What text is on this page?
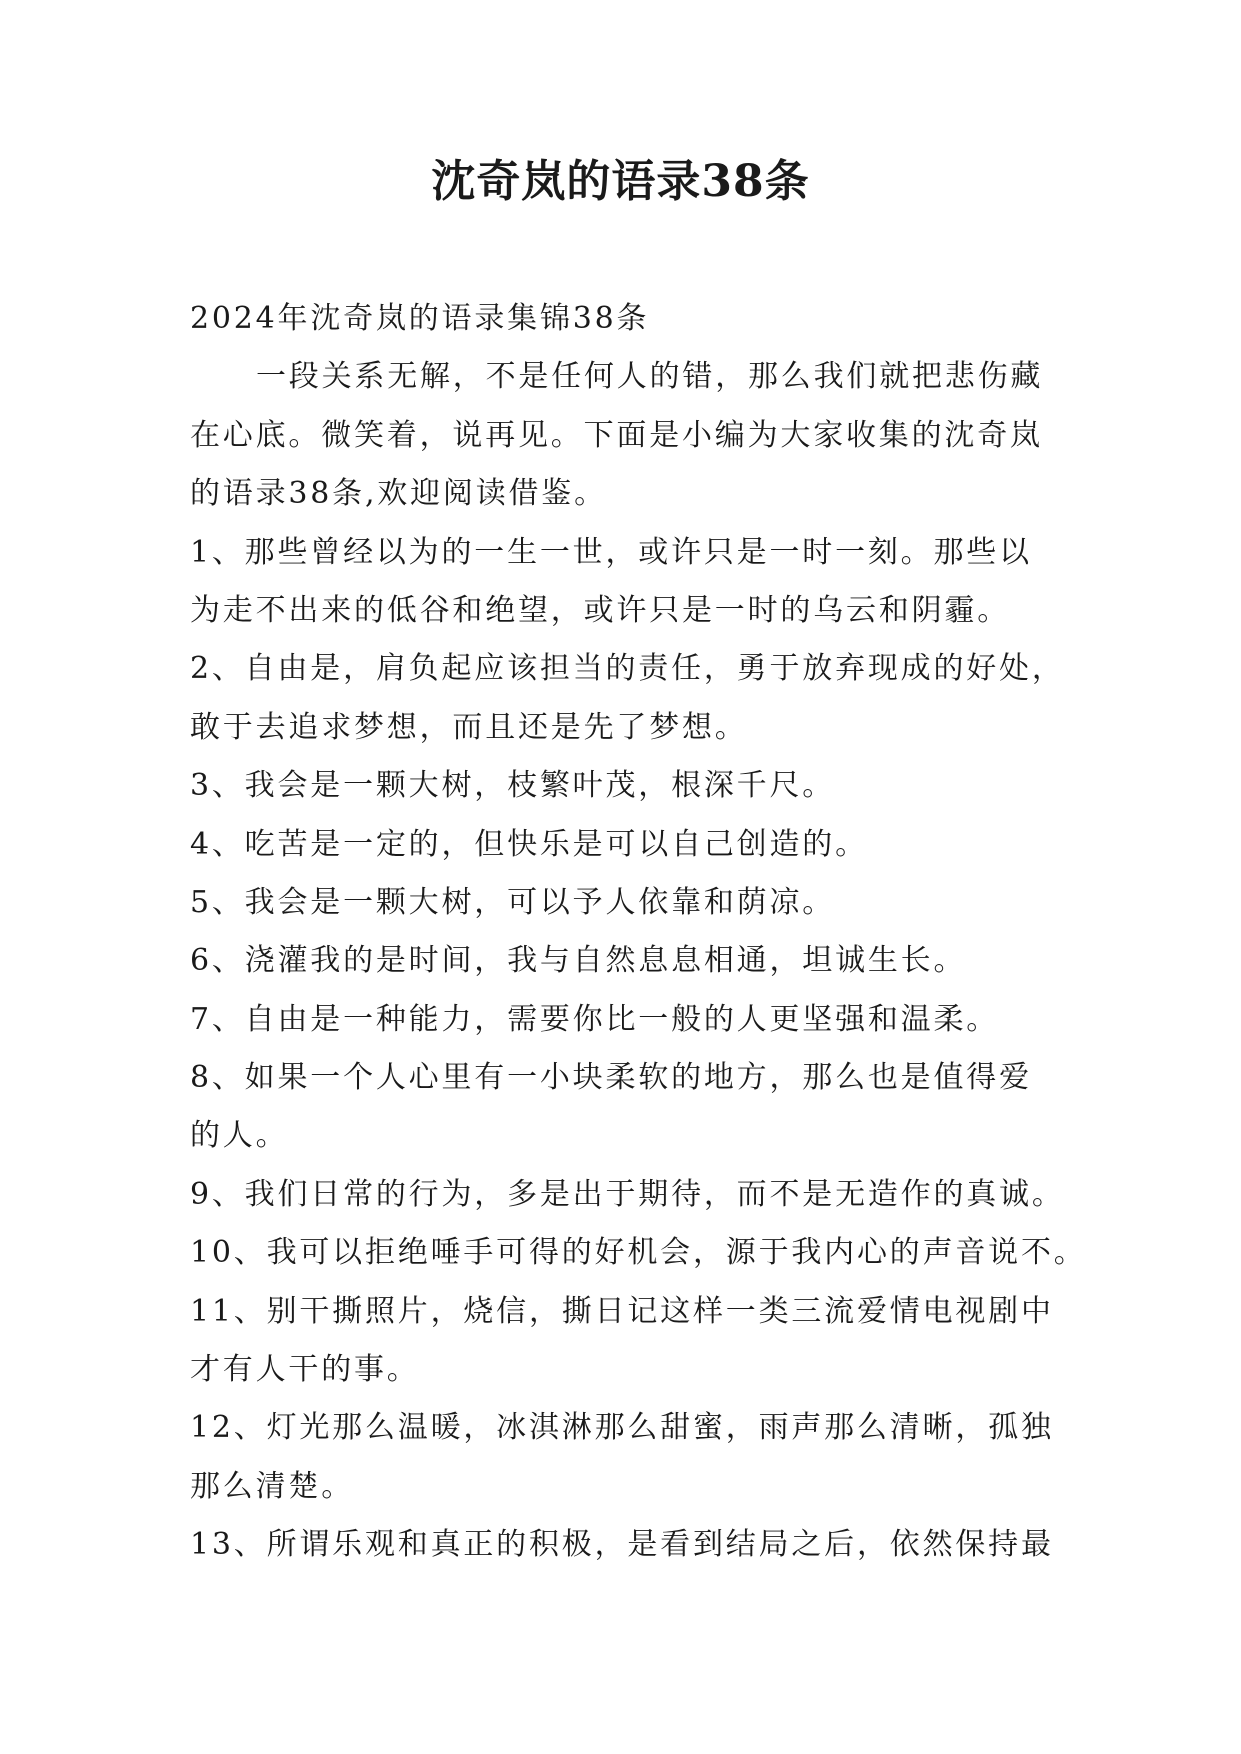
沈奇岚的语录38条
2024年沈奇岚的语录集锦38条
一段关系无解，不是任何人的错，那么我们就把悲伤藏
在心底。微笑着，说再见。下面是小编为大家收集的沈奇岚
的语录38条,欢迎阅读借鉴。
1、那些曾经以为的一生一世，或许只是一时一刻。那些以
为走不出来的低谷和绝望，或许只是一时的乌云和阴霾。
2、自由是，肩负起应该担当的责任，勇于放弃现成的好处，
敢于去追求梦想，而且还是先了梦想。
3、我会是一颗大树，枝繁叶茂，根深千尺。
4、吃苦是一定的，但快乐是可以自己创造的。
5、我会是一颗大树，可以予人依靠和荫凉。
6、浇灌我的是时间，我与自然息息相通，坦诚生长。
7、自由是一种能力，需要你比一般的人更坚强和温柔。
8、如果一个人心里有一小块柔软的地方，那么也是值得爱
的人。
9、我们日常的行为，多是出于期待，而不是无造作的真诚。
10、我可以拒绝唾手可得的好机会，源于我内心的声音说不。
11、别干撕照片，烧信，撕日记这样一类三流爱情电视剧中
才有人干的事。
12、灯光那么温暖，冰淇淋那么甜蜜，雨声那么清晰，孤独
那么清楚。
13、所谓乐观和真正的积极，是看到结局之后，依然保持最
